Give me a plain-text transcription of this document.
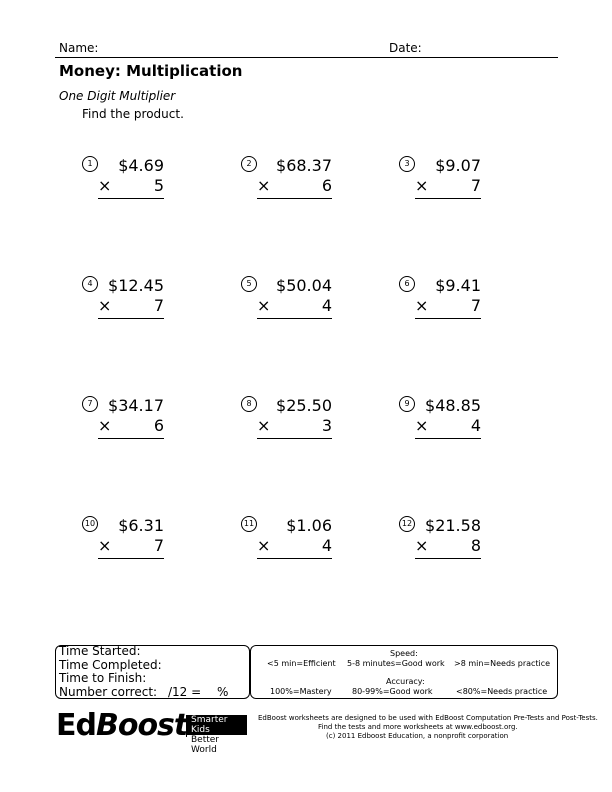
Name:	Date:
Money: Multiplication
One Digit Multiplier
Find the product.
1	$4.69
×	5
2	$68.37
×	6
3	$9.07
×	7
4 $12.45
×	7
5	$50.04
×	4
6	$9.41
×	7
7 $34.17
×	6
8	$25.50
×	3
9 $48.85
×	4
10 $6.31
×	7
11 $1.06
×	4
12 $21.58
×	8
Time Started:
Time Completed:
Time to Finish:
Number correct: /12 = %
Speed:
<5 min=Efficient 5-8 minutes=Good work >8 min=Needs practice
Accuracy:
100%=Mastery	80-99%=Good work	<80%=Needs practice
EdBoost Smarter Kids
Better World
EdBoost worksheets are designed to be used with EdBoost Computation Pre-Tests and Post-Tests.
Find the tests and more worksheets at www.edboost.org.
(c) 2011 Edboost Education, a nonprofit corporation
